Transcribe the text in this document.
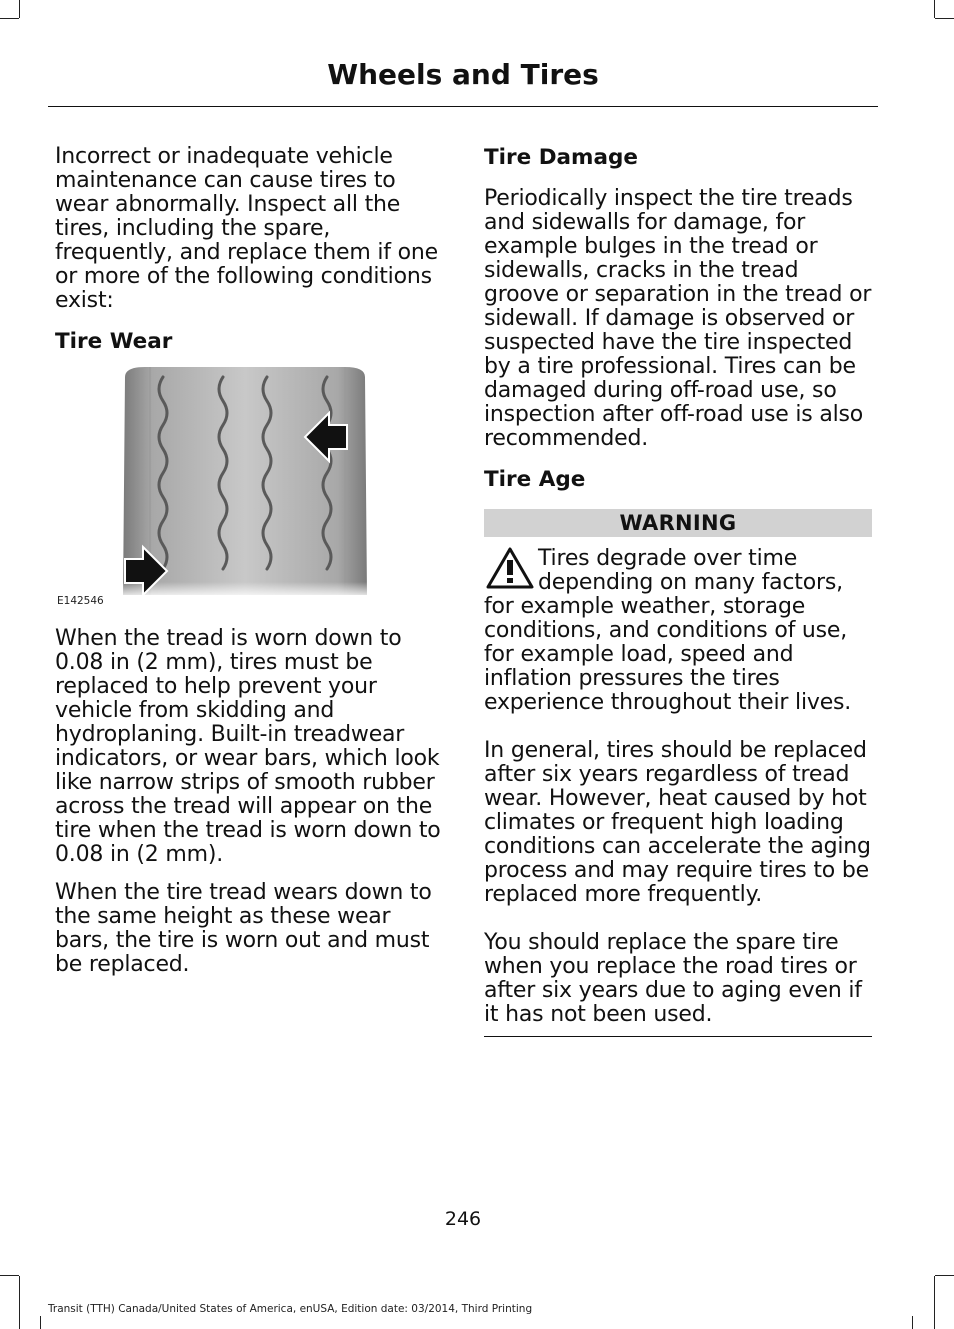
Wheels and Tires

Incorrect or inadequate vehicle maintenance can cause tires to wear abnormally. Inspect all the tires, including the spare, frequently, and replace them if one or more of the following conditions exist:

Tire Wear
E142546

When the tread is worn down to 0.08 in (2 mm), tires must be replaced to help prevent your vehicle from skidding and hydroplaning. Built-in treadwear indicators, or wear bars, which look like narrow strips of smooth rubber across the tread will appear on the tire when the tread is worn down to 0.08 in (2 mm).

When the tire tread wears down to the same height as these wear bars, the tire is worn out and must be replaced.

Tire Damage

Periodically inspect the tire treads and sidewalls for damage, for example bulges in the tread or sidewalls, cracks in the tread groove or separation in the tread or sidewall. If damage is observed or suspected have the tire inspected by a tire professional. Tires can be damaged during off-road use, so inspection after off-road use is also recommended.

Tire Age
WARNING

Tires degrade over time depending on many factors, for example weather, storage conditions, and conditions of use, for example load, speed and inflation pressures the tires experience throughout their lives.

In general, tires should be replaced after six years regardless of tread wear. However, heat caused by hot climates or frequent high loading conditions can accelerate the aging process and may require tires to be replaced more frequently.

You should replace the spare tire when you replace the road tires or after six years due to aging even if it has not been used.

246
Transit (TTH) Canada/United States of America, enUSA, Edition date: 03/2014, Third Printing
